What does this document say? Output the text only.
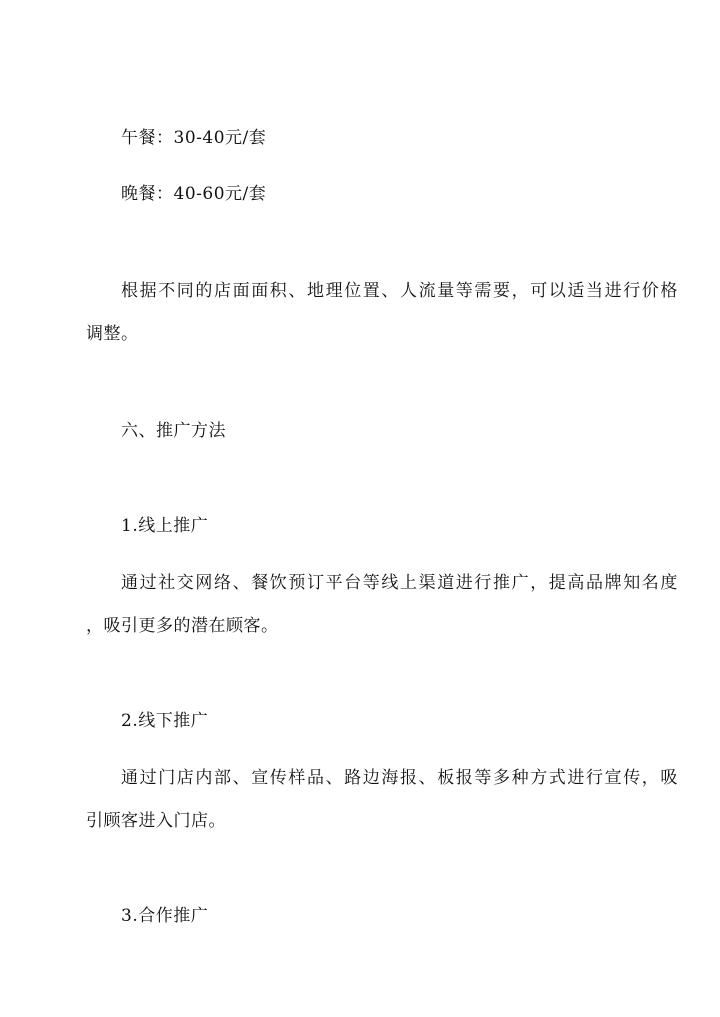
午餐：30-40元/套
晚餐：40-60元/套
根据不同的店面面积、地理位置、人流量等需要，可以适当进行价格
调整。
六、推广方法
1.线上推广
通过社交网络、餐饮预订平台等线上渠道进行推广，提高品牌知名度
，吸引更多的潜在顾客。
2.线下推广
通过门店内部、宣传样品、路边海报、板报等多种方式进行宣传，吸
引顾客进入门店。
3.合作推广
